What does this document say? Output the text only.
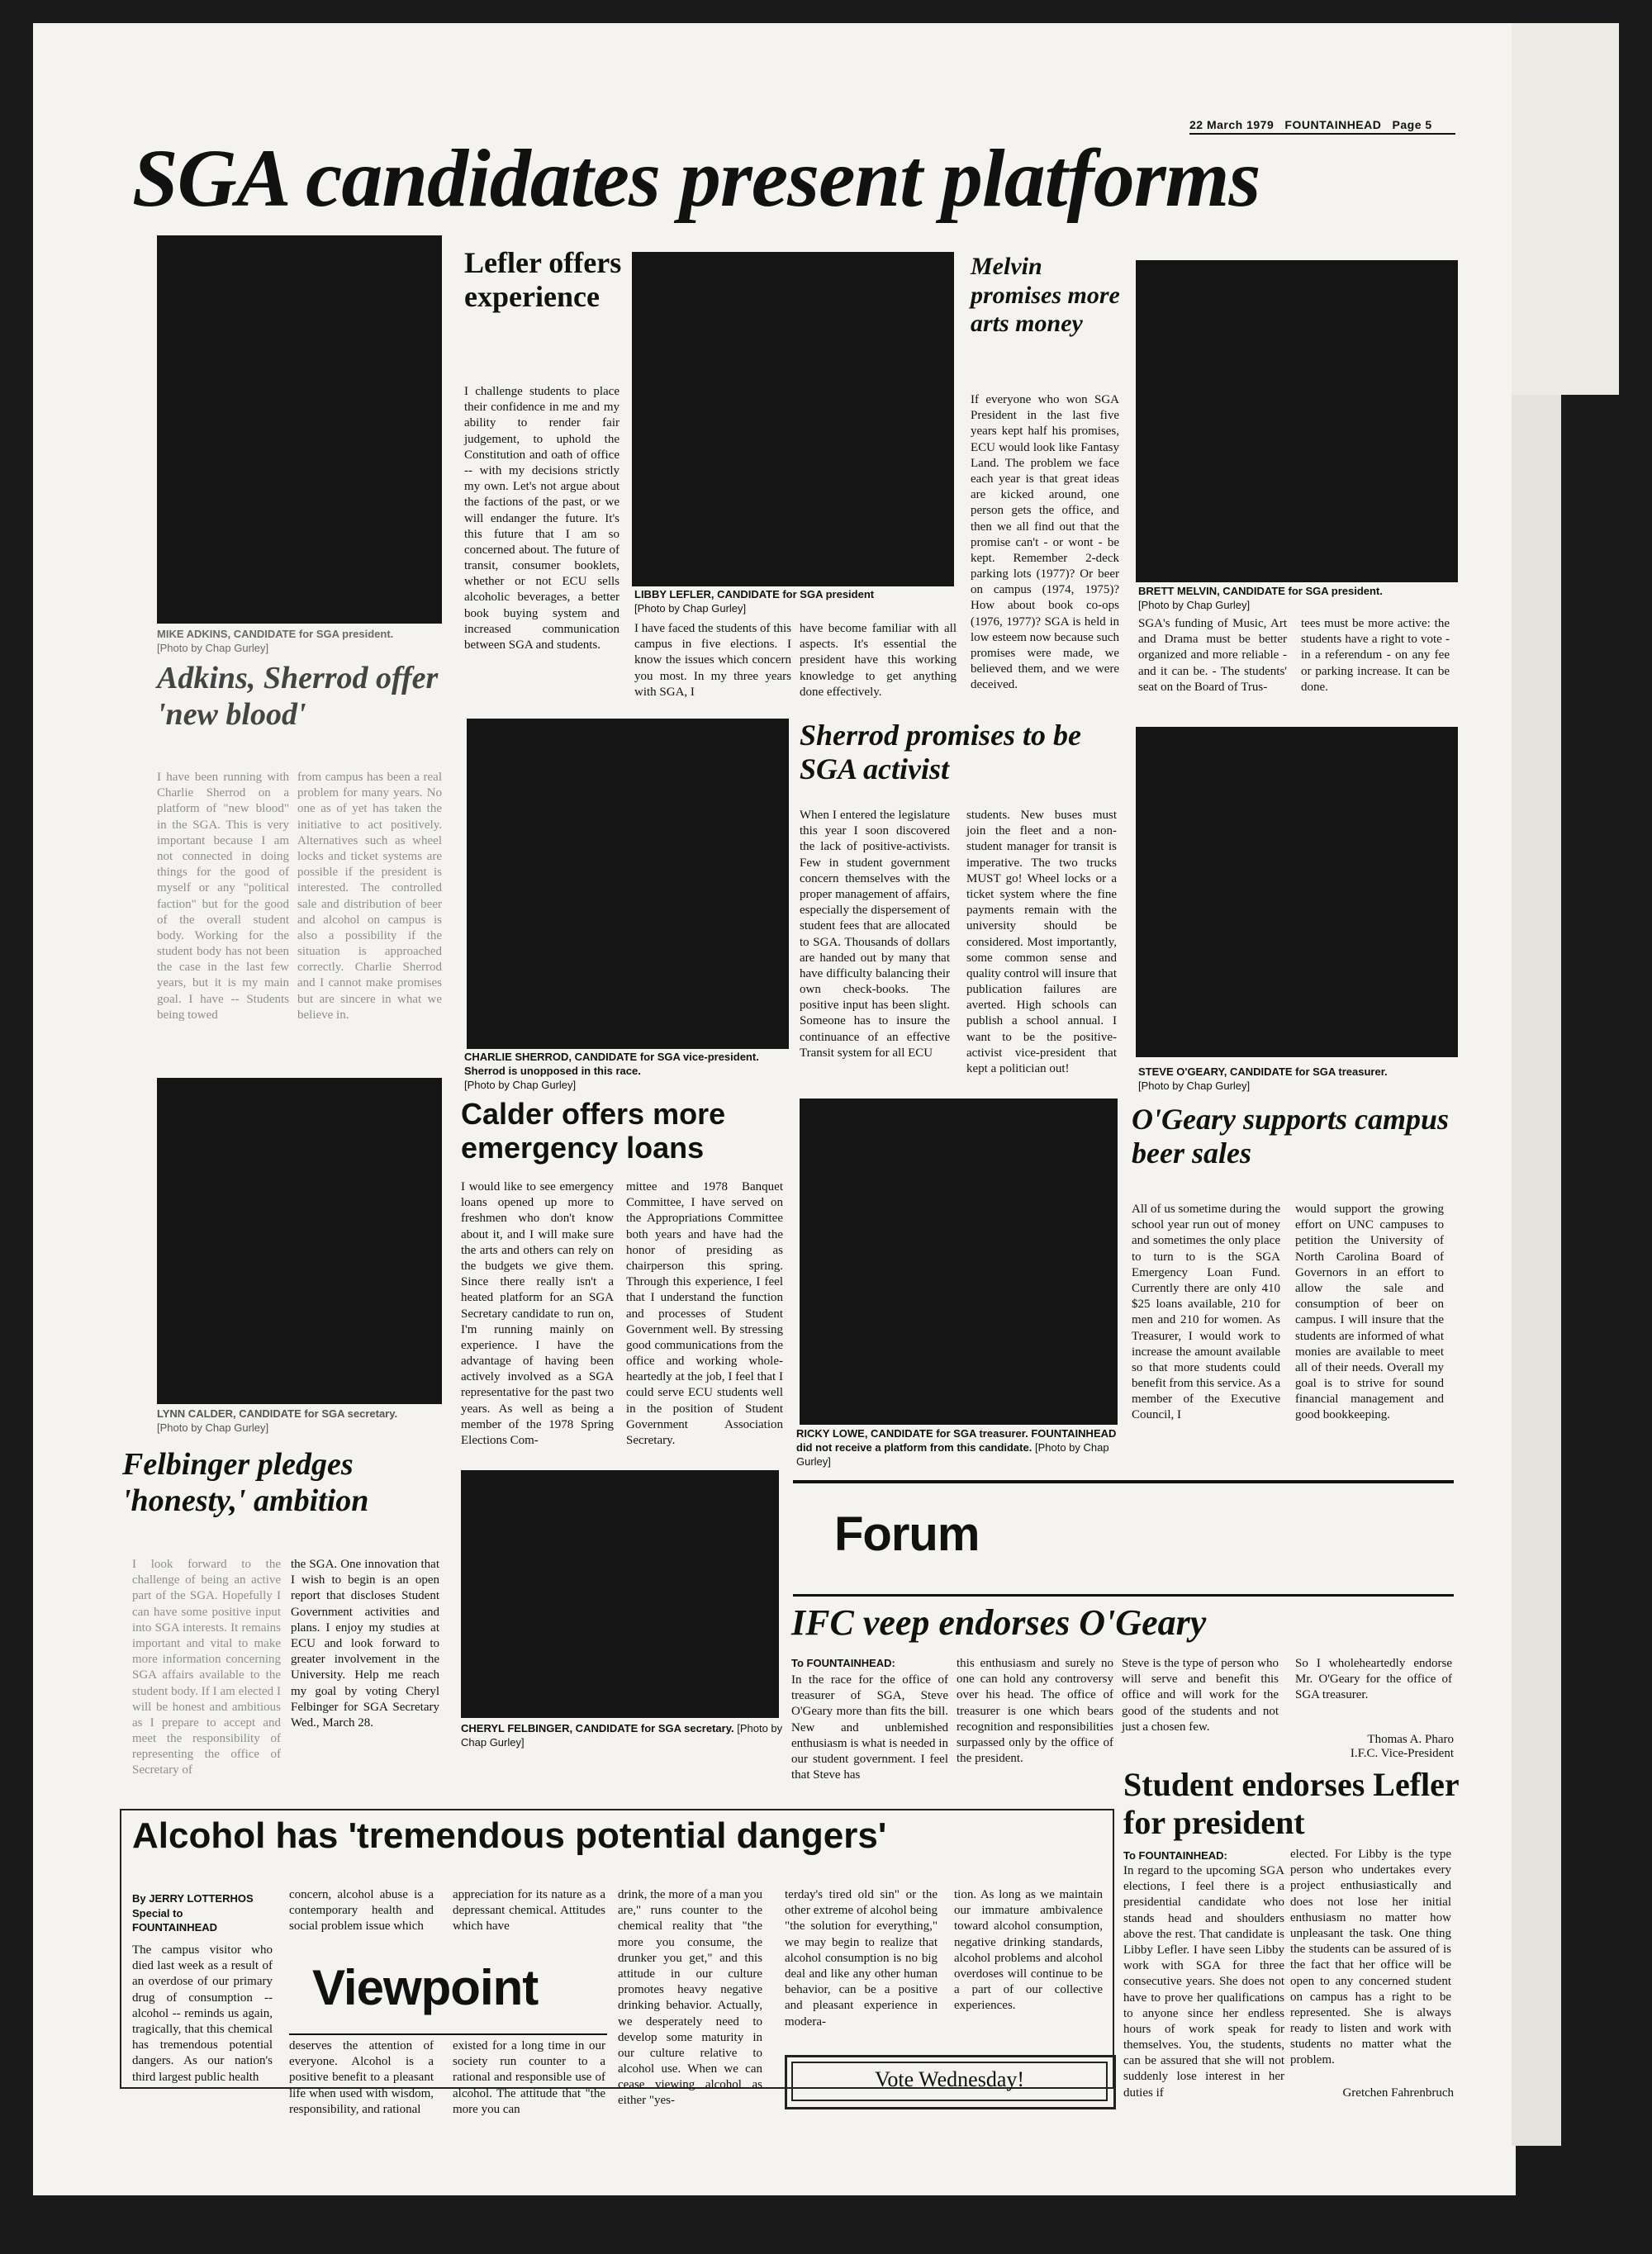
22 March 1979 FOUNTAINHEAD Page 5
SGA candidates present platforms
Lefler offers experience
I challenge students to place their confidence in me and my ability to render fair judgement, to uphold the Constitution and oath of office -- with my decisions strictly my own. Let's not argue about the factions of the past, or we will endanger the future. It's this future that I am so concerned about. The future of transit, consumer booklets, whether or not ECU sells alcoholic beverages, a better book buying system and increased communication between SGA and students.
LIBBY LEFLER, CANDIDATE for SGA president
[Photo by Chap Gurley]
I have faced the students of this campus in five elections. I know the issues which concern you most. In my three years with SGA, I
have become familiar with all aspects. It's essential the president have this working knowledge to get anything done effectively.
MIKE ADKINS, CANDIDATE for SGA president.
[Photo by Chap Gurley]
Adkins, Sherrod offer 'new blood'
I have been running with Charlie Sherrod on a platform of "new blood" in the SGA. This is very important because I am not connected in doing things for the good of myself or any "political faction" but for the good of the overall student body. Working for the student body has not been the case in the last few years, but it is my main goal. I have -- Students being towed
from campus has been a real problem for many years. No one as of yet has taken the initiative to act positively. Alternatives such as wheel locks and ticket systems are possible if the president is interested. The controlled sale and distribution of beer and alcohol on campus is also a possibility if the situation is approached correctly. Charlie Sherrod and I cannot make promises but are sincere in what we believe in.
Melvin promises more arts money
If everyone who won SGA President in the last five years kept half his promises, ECU would look like Fantasy Land. The problem we face each year is that great ideas are kicked around, one person gets the office, and then we all find out that the promise can't - or wont - be kept. Remember 2-deck parking lots (1977)? Or beer on campus (1974, 1975)? How about book co-ops (1976, 1977)? SGA is held in low esteem now because such promises were made, we believed them, and we were deceived.
BRETT MELVIN, CANDIDATE for SGA president.
[Photo by Chap Gurley]
SGA's funding of Music, Art and Drama must be better organized and more reliable - and it can be. - The students' seat on the Board of Trus-
tees must be more active: the students have a right to vote - in a referendum - on any fee or parking increase. It can be done.
CHARLIE SHERROD, CANDIDATE for SGA vice-president. Sherrod is unopposed in this race.
[Photo by Chap Gurley]
Sherrod promises to be SGA activist
When I entered the legislature this year I soon discovered the lack of positive-activists. Few in student government concern themselves with the proper management of affairs, especially the dispersement of student fees that are allocated to SGA. Thousands of dollars are handed out by many that have difficulty balancing their own check-books. The positive input has been slight. Someone has to insure the continuance of an effective Transit system for all ECU
students. New buses must join the fleet and a non-student manager for transit is imperative. The two trucks MUST go! Wheel locks or a ticket system where the fine payments remain with the university should be considered. Most importantly, some common sense and quality control will insure that publication failures are averted. High schools can publish a school annual. I want to be the positive-activist vice-president that kept a politician out!	STEVE O'GEARY, CANDIDATE for SGA treasurer.
[Photo by Chap Gurley]
Calder offers more emergency loans
I would like to see emergency loans opened up more to freshmen who don't know about it, and I will make sure the arts and others can rely on the budgets we give them. Since there really isn't a heated platform for an SGA Secretary candidate to run on, I'm running mainly on experience. I have the advantage of having been actively involved as a SGA representative for the past two years. As well as being a member of the 1978 Spring Elections Com-
mittee and 1978 Banquet Committee, I have served on the Appropriations Committee both years and have had the honor of presiding as chairperson this spring. Through this experience, I feel that I understand the function and processes of Student Government well. By stressing good communications from the office and working whole-heartedly at the job, I feel that I could serve ECU students well in the position of Student Government Association Secretary.
LYNN CALDER, CANDIDATE for SGA secretary.
[Photo by Chap Gurley]
O'Geary supports campus beer sales
All of us sometime during the school year run out of money and sometimes the only place to turn to is the SGA Emergency Loan Fund. Currently there are only 410 $25 loans available, 210 for men and 210 for women. As Treasurer, I would work to increase the amount available so that more students could benefit from this service. As a member of the Executive Council, I
would support the growing effort on UNC campuses to petition the University of North Carolina Board of Governors in an effort to allow the sale and consumption of beer on campus. I will insure that the students are informed of what monies are available to meet all of their needs. Overall my goal is to strive for sound financial management and good bookkeeping.
RICKY LOWE, CANDIDATE for SGA treasurer. FOUNTAINHEAD did not receive a platform from this candidate. [Photo by Chap Gurley]
Felbinger pledges 'honesty,' ambition
I look forward to the challenge of being an active part of the SGA. Hopefully I can have some positive input into SGA interests. It remains important and vital to make more information concerning SGA affairs available to the student body. If I am elected I will be honest and ambitious as I prepare to accept and meet the responsibility of representing the office of Secretary of
the SGA. One innovation that I wish to begin is an open report that discloses Student Government activities and plans. I enjoy my studies at ECU and look forward to greater involvement in the University. Help me reach my goal by voting Cheryl Felbinger for SGA Secretary Wed., March 28.	CHERYL FELBINGER, CANDIDATE for SGA secretary. [Photo by Chap Gurley]
Forum
IFC veep endorses O'Geary
To FOUNTAINHEAD:
In the race for the office of treasurer of SGA, Steve O'Geary more than fits the bill. New and unblemished enthusiasm is what is needed in our student government. I feel that Steve has
this enthusiasm and surely no one can hold any controversy over his head. The office of treasurer is one which bears recognition and responsibilities surpassed only by the office of the president.
Steve is the type of person who will serve and benefit this office and will work for the good of the students and not just a chosen few.
So I wholeheartedly endorse Mr. O'Geary for the office of SGA treasurer.
Thomas A. Pharo
I.F.C. Vice-President
Student endorses Lefler for president
To FOUNTAINHEAD:
In regard to the upcoming SGA elections, I feel there is a presidential candidate who stands head and shoulders above the rest. That candidate is Libby Lefler. I have seen Libby work with SGA for three consecutive years. She does not have to prove her qualifications to anyone since her endless hours of work speak for themselves. You, the students, can be assured that she will not suddenly lose interest in her duties if
elected. For Libby is the type person who undertakes every project enthusiastically and does not lose her initial enthusiasm no matter how unpleasant the task. One thing the students can be assured of is the fact that her office will be open to any concerned student on campus has a right to be represented. She is always ready to listen and work with students no matter what the problem.
Gretchen Fahrenbruch
Alcohol has 'tremendous potential dangers'
By JERRY LOTTERHOS
Special to
FOUNTAINHEAD
The campus visitor who died last week as a result of an overdose of our primary drug of consumption -- alcohol -- reminds us again, tragically, that this chemical has tremendous potential dangers. As our nation's third largest public health
concern, alcohol abuse is a contemporary health and social problem issue which
appreciation for its nature as a depressant chemical. Attitudes which have
Viewpoint
deserves the attention of everyone. Alcohol is a positive benefit to a pleasant life when used with wisdom, responsibility, and rational
existed for a long time in our society run counter to a rational and responsible use of alcohol. The attitude that "the more you can
drink, the more of a man you are," runs counter to the chemical reality that "the more you consume, the drunker you get," and this attitude in our culture promotes heavy negative drinking behavior. Actually, we desperately need to develop some maturity in our culture relative to alcohol use. When we can cease viewing alcohol as either "yes-
terday's tired old sin" or the other extreme of alcohol being "the solution for everything," we may begin to realize that alcohol consumption is no big deal and like any other human behavior, can be a positive and pleasant experience in modera-
tion. As long as we maintain our immature ambivalence toward alcohol consumption, negative drinking standards, alcohol problems and alcohol overdoses will continue to be a part of our collective experiences.
Vote Wednesday!
